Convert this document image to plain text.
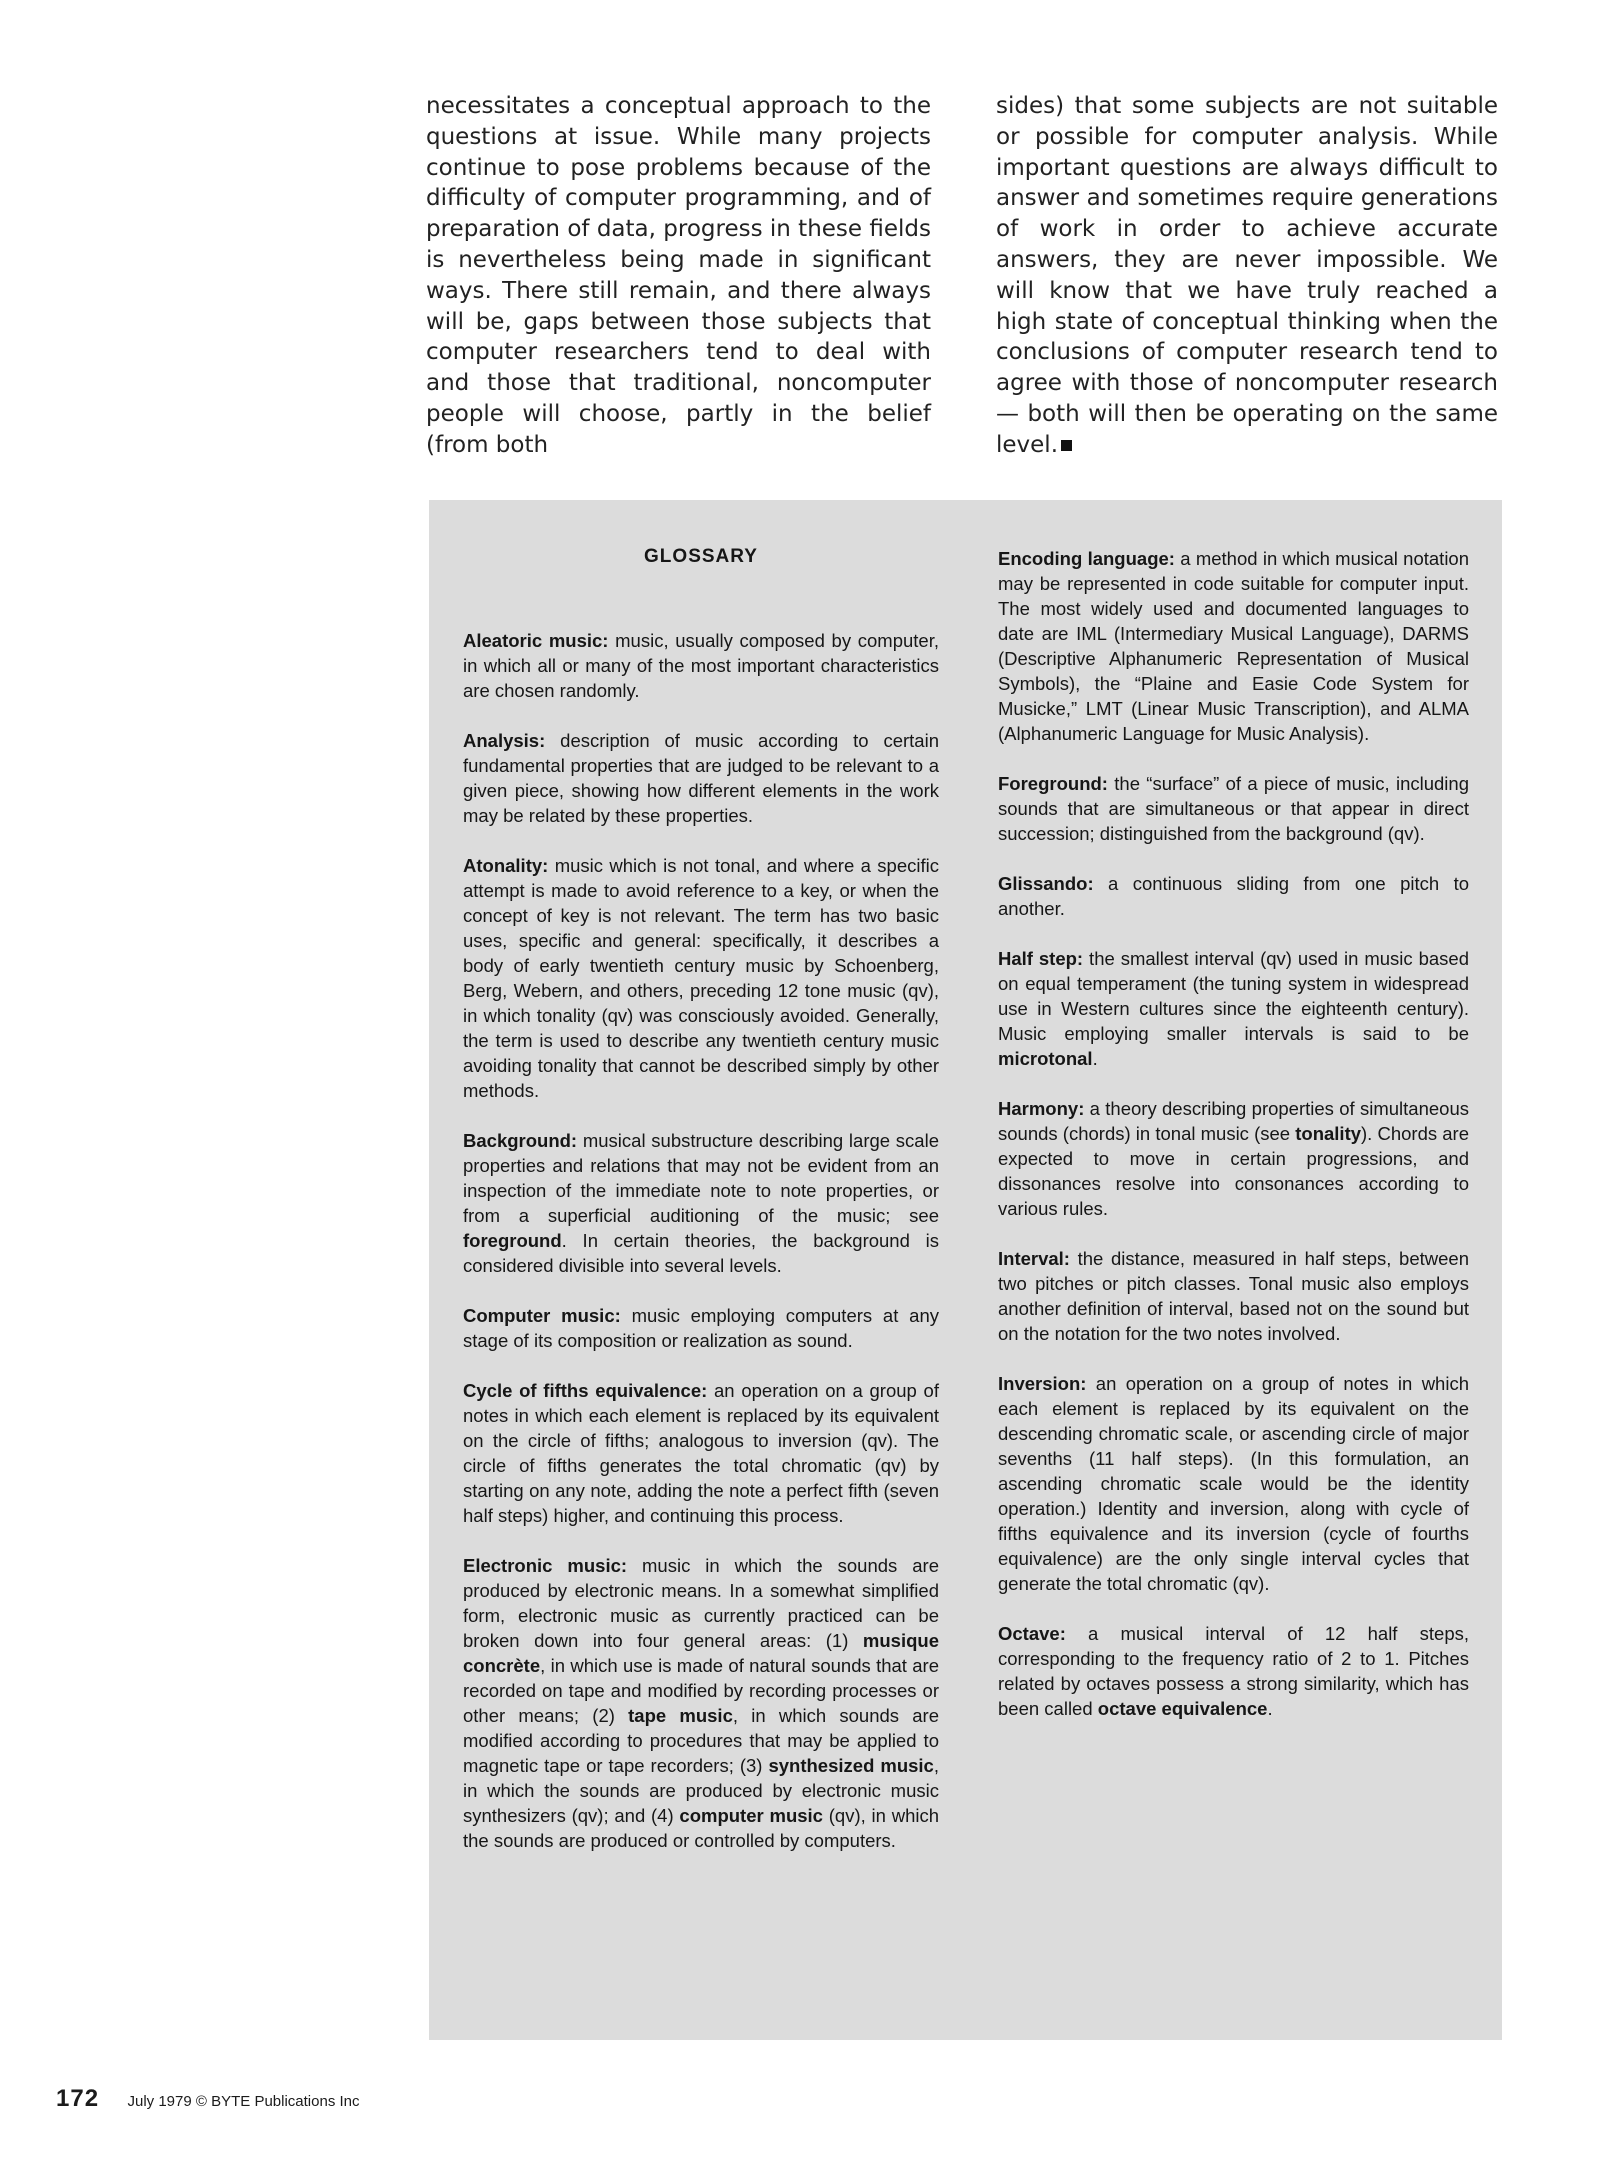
necessitates a conceptual approach to the questions at issue. While many projects continue to pose problems because of the difficulty of computer programming, and of preparation of data, progress in these fields is nevertheless being made in significant ways. There still remain, and there always will be, gaps between those subjects that computer researchers tend to deal with and those that traditional, noncomputer people will choose, partly in the belief (from both

sides) that some subjects are not suitable or possible for computer analysis. While important questions are always difficult to answer and sometimes require generations of work in order to achieve accurate answers, they are never impossible. We will know that we have truly reached a high state of conceptual thinking when the conclusions of computer research tend to agree with those of noncomputer research — both will then be operating on the same level.

GLOSSARY

Aleatoric music: music, usually composed by computer, in which all or many of the most important characteristics are chosen randomly.

Analysis: description of music according to certain fundamental properties that are judged to be relevant to a given piece, showing how different elements in the work may be related by these properties.

Atonality: music which is not tonal, and where a specific attempt is made to avoid reference to a key, or when the concept of key is not relevant. The term has two basic uses, specific and general: specifically, it describes a body of early twentieth century music by Schoenberg, Berg, Webern, and others, preceding 12 tone music (qv), in which tonality (qv) was consciously avoided. Generally, the term is used to describe any twentieth century music avoiding tonality that cannot be described simply by other methods.

Background: musical substructure describing large scale properties and relations that may not be evident from an inspection of the immediate note to note properties, or from a superficial auditioning of the music; see foreground. In certain theories, the background is considered divisible into several levels.

Computer music: music employing computers at any stage of its composition or realization as sound.

Cycle of fifths equivalence: an operation on a group of notes in which each element is replaced by its equivalent on the circle of fifths; analogous to inversion (qv). The circle of fifths generates the total chromatic (qv) by starting on any note, adding the note a perfect fifth (seven half steps) higher, and continuing this process.

Electronic music: music in which the sounds are produced by electronic means. In a somewhat simplified form, electronic music as currently practiced can be broken down into four general areas: (1) musique concrète, in which use is made of natural sounds that are recorded on tape and modified by recording processes or other means; (2) tape music, in which sounds are modified according to procedures that may be applied to magnetic tape or tape recorders; (3) synthesized music, in which the sounds are produced by electronic music synthesizers (qv); and (4) computer music (qv), in which the sounds are produced or controlled by computers.

Encoding language: a method in which musical notation may be represented in code suitable for computer input. The most widely used and documented languages to date are IML (Intermediary Musical Language), DARMS (Descriptive Alphanumeric Representation of Musical Symbols), the “Plaine and Easie Code System for Musicke,” LMT (Linear Music Transcription), and ALMA (Alphanumeric Language for Music Analysis).

Foreground: the “surface” of a piece of music, including sounds that are simultaneous or that appear in direct succession; distinguished from the background (qv).

Glissando: a continuous sliding from one pitch to another.

Half step: the smallest interval (qv) used in music based on equal temperament (the tuning system in widespread use in Western cultures since the eighteenth century). Music employing smaller intervals is said to be microtonal.

Harmony: a theory describing properties of simultaneous sounds (chords) in tonal music (see tonality). Chords are expected to move in certain progressions, and dissonances resolve into consonances according to various rules.

Interval: the distance, measured in half steps, between two pitches or pitch classes. Tonal music also employs another definition of interval, based not on the sound but on the notation for the two notes involved.

Inversion: an operation on a group of notes in which each element is replaced by its equivalent on the descending chromatic scale, or ascending circle of major sevenths (11 half steps). (In this formulation, an ascending chromatic scale would be the identity operation.) Identity and inversion, along with cycle of fifths equivalence and its inversion (cycle of fourths equivalence) are the only single interval cycles that generate the total chromatic (qv).

Octave: a musical interval of 12 half steps, corresponding to the frequency ratio of 2 to 1. Pitches related by octaves possess a strong similarity, which has been called octave equivalence.

172 July 1979 © BYTE Publications Inc
